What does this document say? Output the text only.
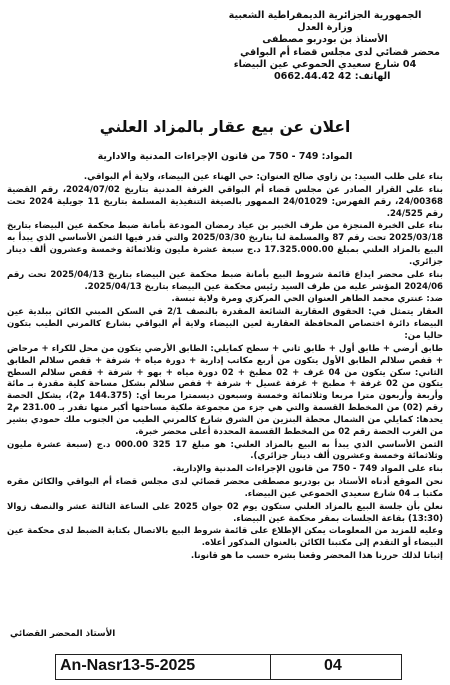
الجمهورية الجزائرية الديمقراطية الشعبية
وزارة العدل
الأستاذ بن بودربو مصطفى
محضر قضائي لدى مجلس قضاء أم البواقي
04 شارع سعيدي الحموعي عين البيضاء
الهاتف: 42 0662.44.42
اعلان عن بيع عقار بالمزاد العلني
المواد: 749 - 750 من قانون الإجراءات المدنية والادارية

بناء على طلب السيد: بن زاوي صالح العنوان: حي الهناء عين البيضاء، ولاية أم البواقي.

بناء على القرار الصادر عن مجلس قضاء أم البواقي الغرفة المدنية بتاريخ 2024/07/02، رقم القضية 24/00368، رقم الفهرس: 24/01029 الممهور بالصيغة التنفيذية المسلمة بتاريخ 11 جويلية 2024 تحت رقم 24/525.

بناء على الخبرة المنجزة من طرف الخبير بن عياد رمضان المودعة بأمانة ضبط محكمة عين البيضاء بتاريخ 2025/03/18 تحت رقم 87 والمسلمة لنا بتاريخ 2025/03/30 والتي قدر فيها الثمن الأساسي الذي يبدأ به البيع بالمزاد العلني بمبلغ 17.325.000.00 د.ج سبعة عشرة مليون وثلاثمائة وخمسة وعشرون ألف دينار جزائري.

بناء على محضر ايداع قائمة شروط البيع بأمانة ضبط محكمة عين البيضاء بتاريخ 2025/04/13 تحت رقم 2024/06 المؤشر عليه من طرف السيد رئيس محكمة عين البيضاء بتاريخ 2025/04/13.

ضد: عنتري محمد الطاهر العنوان الحي المركزي ومرة ولاية تبسة.

العقار يتمثل في: الحقوق العقارية الشائعة المقدرة بالنصف 2/1 في السكن المبني الكائن ببلدية عين البيضاء دائرة اختصاص المحافظة العقارية لعين البيضاء ولاية أم البواقي بشارع كالمرني الطيب بتكون حاليا من:

طابق أرضي + طابق أول + طابق ثاني + سطح كمايلي: الطابق الأرضي يتكون من محل للكراء + مرحاض + قفص سلالم الطابق الأول يتكون من أربع مكاتب إدارية + دورة مياه + شرفة + قفص سلالم الطابق الثاني: سكن يتكون من 04 غرف + 02 مطبخ + 02 دورة مياه + بهو + شرفة + قفص سلالم السطح يتكون من 02 غرفة + مطبخ + غرفة غسيل + شرفة + قفص سلالم بشكل مساحة كلية مقدرة بـ مائة وأربعة وأربعون مترا مربعا وثلاثمائة وخمسة وسبعون ديسمترا مربعا أي: (144.375 م2)، يشكل الحصة رقم (02) من المخطط القسمة والتي هي جزء من مجموعة ملكية مساحتها أكبر منها تقدر بـ 231.00 م2 يحدها: كمايلي من الشمال محطة البنزين من الشرق شارع كالمرني الطيب من الجنوب ملك حمودي بشير من الغرب الحصة رقم 02 من المخطط القسمة المحددة أعلى محضر خبرة.

الثمن الأساسي الذي يبدأ به البيع بالمزاد العلني: هو مبلغ 17 325 000.00 د.ج (سبعة عشرة مليون وثلاثمائة وخمسة وعشرون ألف دينار جزائري).

بناء على المواد 749 - 750 من قانون الإجراءات المدنية والإدارية.

نحن الموقع أدناه الأستاذ بن بودربو مصطفى محضر قضائي لدى مجلس قضاء أم البواقي والكائن مقره مكتبا بـ 04 شارع سعيدي الحموعي عين البيضاء.

نعلن بأن جلسة البيع بالمزاد العلني ستكون يوم 02 جوان 2025 على الساعة الثالثة عشر والنصف زوالا (13:30) بقاعة الجلسات بمقر محكمة عين البيضاء.

وعليه للمزيد من المعلومات يمكن الإطلاع على قائمة شروط البيع بالاتصال بكتابة الضبط لدى محكمة عين البيضاء أو التقدم إلى مكتبنا الكائن بالعنوان المذكور أعلاه.

إثباتا لذلك حررنا هذا المحضر وقعنا بشره حسب ما هو قانونا.

الأستاذ المحضر القضائي
An-Nasr13-5-2025	04
